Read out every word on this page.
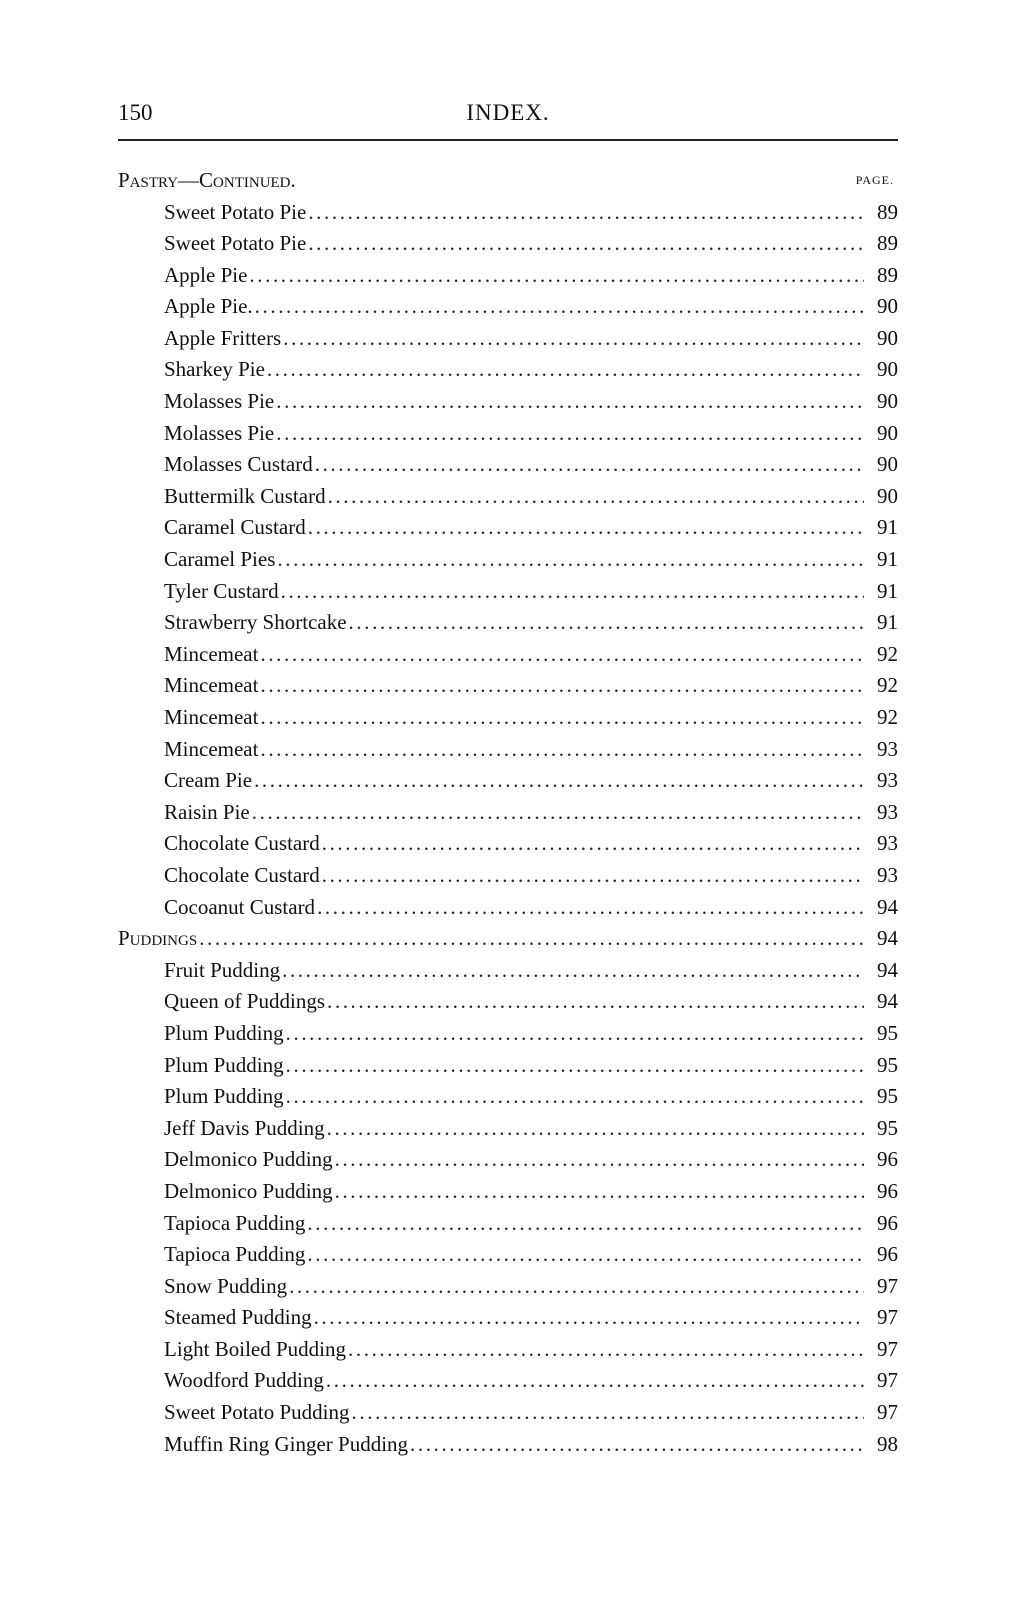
150	INDEX.
Pastry—Continued.	PAGE.
Sweet Potato Pie .....	89
Sweet Potato Pie .....	89
Apple Pie .....	89
Apple Pie. .....	90
Apple Fritters .....	90
Sharkey Pie .....	90
Molasses Pie .....	90
Molasses Pie .....	90
Molasses Custard .....	90
Buttermilk Custard .....	90
Caramel Custard .....	91
Caramel Pies .....	91
Tyler Custard .....	91
Strawberry Shortcake .....	91
Mincemeat .....	92
Mincemeat .....	92
Mincemeat .....	92
Mincemeat .....	93
Cream Pie .....	93
Raisin Pie .....	93
Chocolate Custard .....	93
Chocolate Custard .....	93
Cocoanut Custard .....	94
Puddings .....	94
Fruit Pudding .....	94
Queen of Puddings .....	94
Plum Pudding .....	95
Plum Pudding .....	95
Plum Pudding .....	95
Jeff Davis Pudding .....	95
Delmonico Pudding .....	96
Delmonico Pudding .....	96
Tapioca Pudding .....	96
Tapioca Pudding .....	96
Snow Pudding .....	97
Steamed Pudding .....	97
Light Boiled Pudding .....	97
Woodford Pudding .....	97
Sweet Potato Pudding .....	97
Muffin Ring Ginger Pudding .....	98
